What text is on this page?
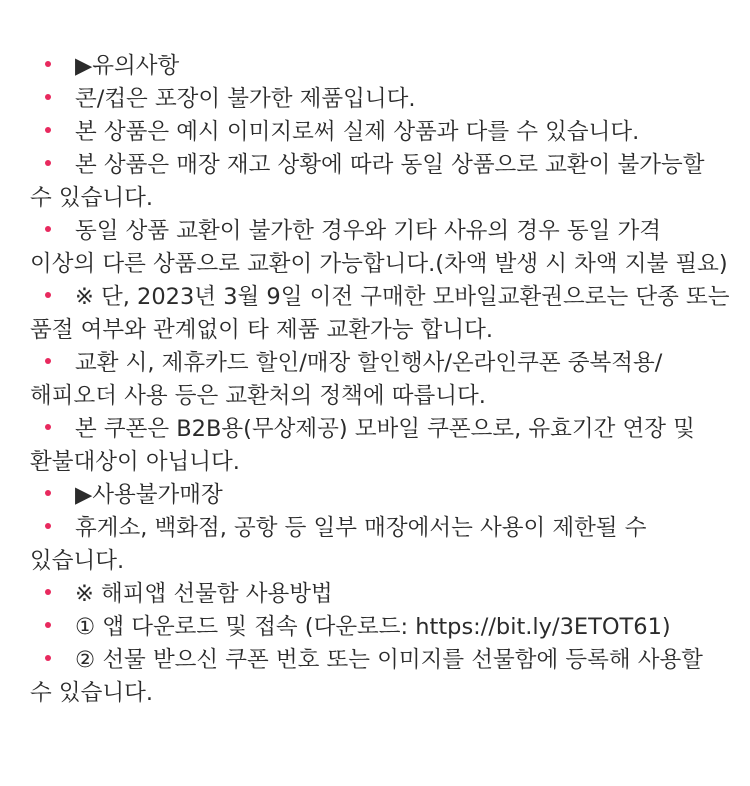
▶유의사항
콘/컵은 포장이 불가한 제품입니다.
본 상품은 예시 이미지로써 실제 상품과 다를 수 있습니다.
본 상품은 매장 재고 상황에 따라 동일 상품으로 교환이 불가능할 수 있습니다.
동일 상품 교환이 불가한 경우와 기타 사유의 경우 동일 가격 이상의 다른 상품으로 교환이 가능합니다.(차액 발생 시 차액 지불 필요)
※ 단, 2023년 3월 9일 이전 구매한 모바일교환권으로는 단종 또는 품절 여부와 관계없이 타 제품 교환가능 합니다.
교환 시, 제휴카드 할인/매장 할인행사/온라인쿠폰 중복적용/해피오더 사용 등은 교환처의 정책에 따릅니다.
본 쿠폰은 B2B용(무상제공) 모바일 쿠폰으로, 유효기간 연장 및 환불대상이 아닙니다.
▶사용불가매장
휴게소, 백화점, 공항 등 일부 매장에서는 사용이 제한될 수 있습니다.
※ 해피앱 선물함 사용방법
① 앱 다운로드 및 접속 (다운로드: https://bit.ly/3ETOT61)
② 선물 받으신 쿠폰 번호 또는 이미지를 선물함에 등록해 사용할 수 있습니다.
